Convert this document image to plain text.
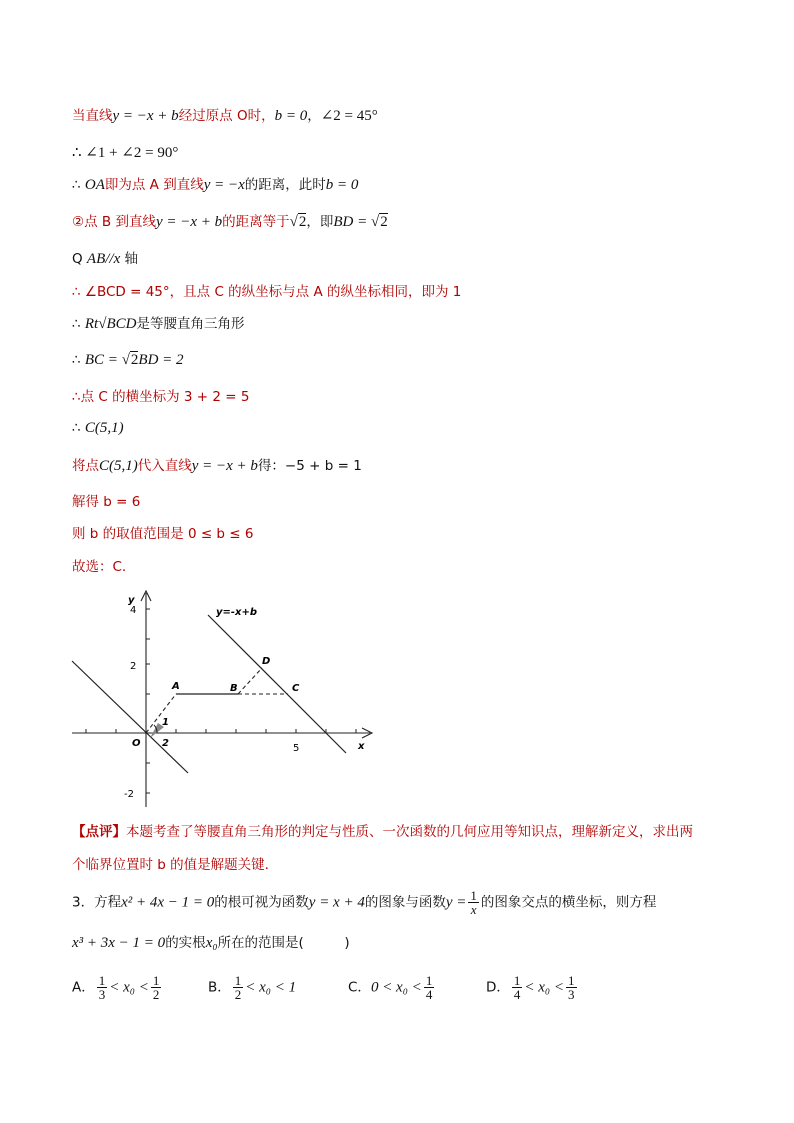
当直线y = −x + b经过原点 O时，b = 0，∠2 = 45°
∴ ∠1 + ∠2 = 90°
∴ OA即为点 A 到直线y = −x的距离，此时b = 0
②点 B 到直线y = −x + b的距离等于√2，即BD = √2
Q AB//x 轴
∴ ∠BCD = 45°，且点 C 的纵坐标与点 A 的纵坐标相同，即为 1
∴ Rt√BCD是等腰直角三角形
∴ BC = √2BD = 2
∴点 C 的横坐标为 3 + 2 = 5
∴ C(5,1)
将点C(5,1)代入直线y = −x + b得：−5 + b = 1
解得 b = 6
则 b 的取值范围是 0 ≤ b ≤ 6
故选：C.
y=-x+b
x
y
O	5
4
2
-2
A	B	C
D
1
2
【点评】本题考查了等腰直角三角形的判定与性质、一次函数的几何应用等知识点，理解新定义，求出两
个临界位置时 b 的值是解题关键.
3．方程x² + 4x − 1 = 0的根可视为函数y = x + 4的图象与函数$y = \frac{1}{x}$ 的图象交点的横坐标，则方程
x³ + 3x − 1 = 0的实根x₀所在的范围是(　　　)
A． $\frac{1}{3} < x_0 < \frac{1}{2}$	B． $\frac{1}{2} < x_0 < 1$	C．$0 < x_0 < \frac{1}{4}$	D． $\frac{1}{4} < x_0 < \frac{1}{3}$
